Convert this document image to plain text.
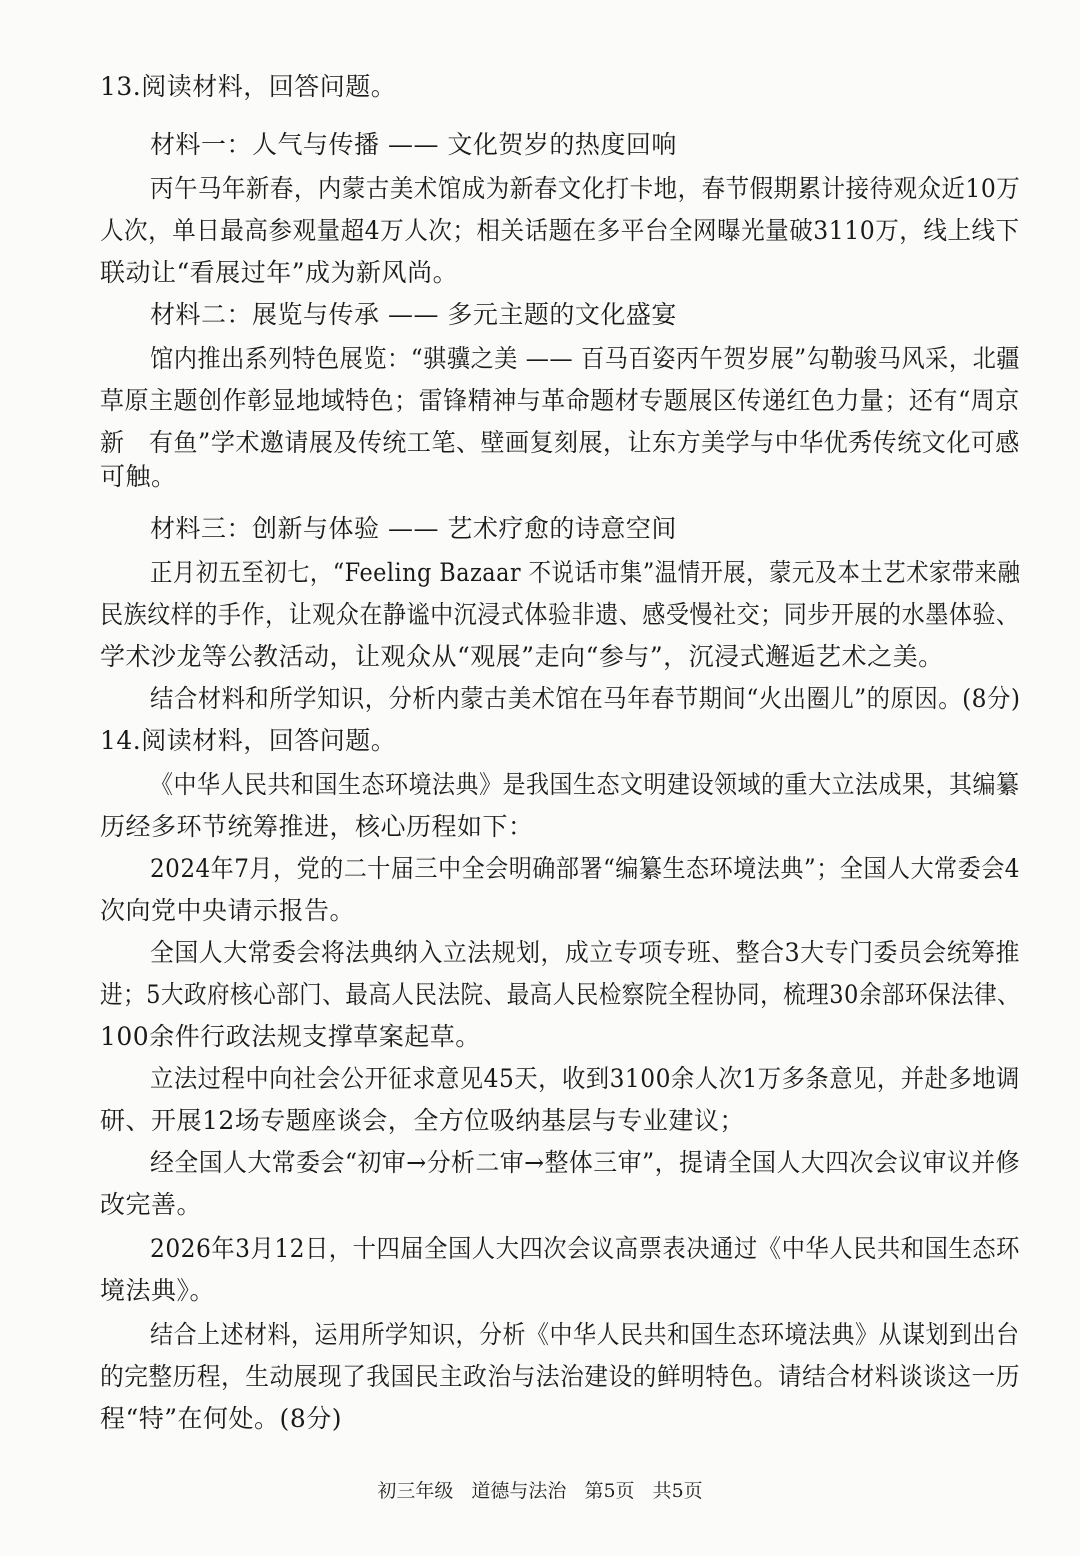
13.阅读材料，回答问题。
材料一：人气与传播 —— 文化贺岁的热度回响
丙午马年新春，内蒙古美术馆成为新春文化打卡地，春节假期累计接待观众近10万
人次，单日最高参观量超4万人次；相关话题在多平台全网曝光量破3110万，线上线下
联动让“看展过年”成为新风尚。
材料二：展览与传承 —— 多元主题的文化盛宴
馆内推出系列特色展览：“骐骥之美 —— 百马百姿丙午贺岁展”勾勒骏马风采，北疆
草原主题创作彰显地域特色；雷锋精神与革命题材专题展区传递红色力量；还有“周京
新　有鱼”学术邀请展及传统工笔、壁画复刻展，让东方美学与中华优秀传统文化可感
可触。
材料三：创新与体验 —— 艺术疗愈的诗意空间
正月初五至初七，“Feeling Bazaar 不说话市集”温情开展，蒙元及本土艺术家带来融
民族纹样的手作，让观众在静谧中沉浸式体验非遗、感受慢社交；同步开展的水墨体验、
学术沙龙等公教活动，让观众从“观展”走向“参与”，沉浸式邂逅艺术之美。
结合材料和所学知识，分析内蒙古美术馆在马年春节期间“火出圈儿”的原因。(8分)
14.阅读材料，回答问题。
《中华人民共和国生态环境法典》是我国生态文明建设领域的重大立法成果，其编纂
历经多环节统筹推进，核心历程如下：
2024年7月，党的二十届三中全会明确部署“编纂生态环境法典”；全国人大常委会4
次向党中央请示报告。
全国人大常委会将法典纳入立法规划，成立专项专班、整合3大专门委员会统筹推
进；5大政府核心部门、最高人民法院、最高人民检察院全程协同，梳理30余部环保法律、
100余件行政法规支撑草案起草。
立法过程中向社会公开征求意见45天，收到3100余人次1万多条意见，并赴多地调
研、开展12场专题座谈会，全方位吸纳基层与专业建议；
经全国人大常委会“初审→分析二审→整体三审”，提请全国人大四次会议审议并修
改完善。
2026年3月12日，十四届全国人大四次会议高票表决通过《中华人民共和国生态环
境法典》。
结合上述材料，运用所学知识，分析《中华人民共和国生态环境法典》从谋划到出台
的完整历程，生动展现了我国民主政治与法治建设的鲜明特色。请结合材料谈谈这一历
程“特”在何处。(8分)
初三年级 道德与法治 第5页 共5页
